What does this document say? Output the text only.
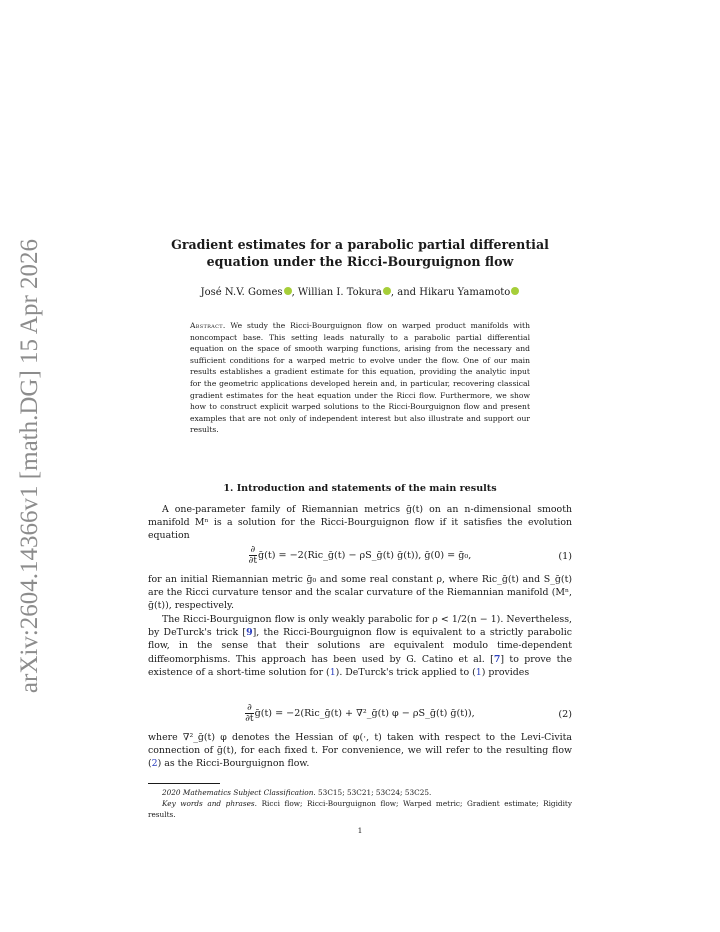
arXiv:2604.14366v1 [math.DG] 15 Apr 2026	Gradient estimates for a parabolic partial differential
equation under the Ricci-Bourguignon flow
José N.V. Gomes , Willian I. Tokura , and Hikaru Yamamoto
Abstract. We study the Ricci-Bourguignon flow on warped product manifolds with noncompact base. This setting leads naturally to a parabolic partial differential equation on the space of smooth warping functions, arising from the necessary and sufficient conditions for a warped metric to evolve under the flow. One of our main results establishes a gradient estimate for this equation, providing the analytic input for the geometric applications developed herein and, in particular, recovering classical gradient estimates for the heat equation under the Ricci flow. Furthermore, we show how to construct explicit warped solutions to the Ricci-Bourguignon flow and present examples that are not only of independent interest but also illustrate and support our results.
1. Introduction and statements of the main results

A one-parameter family of Riemannian metrics ḡ(t) on an n-dimensional smooth manifold Mⁿ is a solution for the Ricci-Bourguignon flow if it satisfies the evolution equation

$\frac{\partial}{\partial t}$ ḡ(t) = −2(Ric_ḡ(t) − ρS_ḡ(t) ḡ(t)), ḡ(0) = ḡ₀,	(1)

for an initial Riemannian metric ḡ₀ and some real constant ρ, where Ric_ḡ(t) and S_ḡ(t) are the Ricci curvature tensor and the scalar curvature of the Riemannian manifold (Mⁿ, ḡ(t)), respectively.

The Ricci-Bourguignon flow is only weakly parabolic for ρ < 1/2(n − 1). Nevertheless, by DeTurck's trick [9], the Ricci-Bourguignon flow is equivalent to a strictly parabolic flow, in the sense that their solutions are equivalent modulo time-dependent diffeomorphisms. This approach has been used by G. Catino et al. [7] to prove the existence of a short-time solution for (1). DeTurck's trick applied to (1) provides

$\frac{\partial}{\partial t}$ ḡ(t) = −2(Ric_ḡ(t) + ∇²_ḡ(t) φ − ρS_ḡ(t) ḡ(t)),	(2)

where ∇²_ḡ(t) φ denotes the Hessian of φ(·, t) taken with respect to the Levi-Civita connection of ḡ(t), for each fixed t. For convenience, we will refer to the resulting flow (2) as the Ricci-Bourguignon flow.

2020 Mathematics Subject Classification. 53C15; 53C21; 53C24; 53C25.
Key words and phrases. Ricci flow; Ricci-Bourguignon flow; Warped metric; Gradient estimate; Rigidity results.
1
